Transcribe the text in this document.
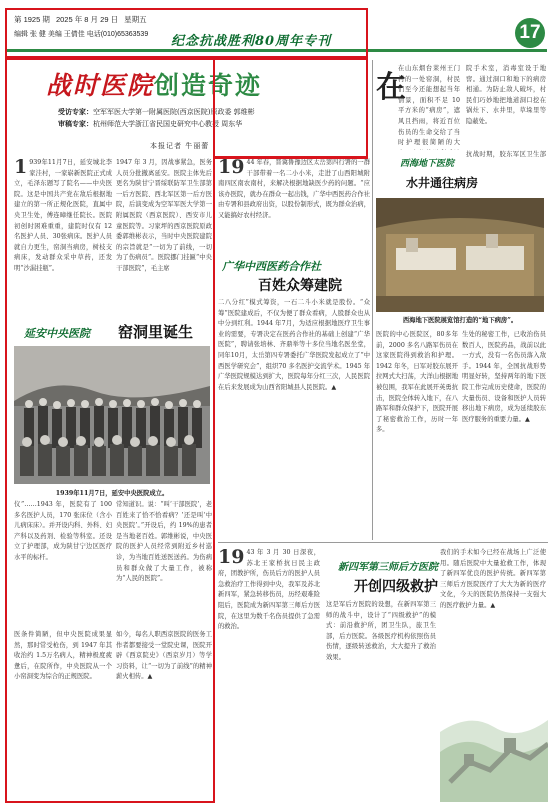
第 1925 期 2025 年 8 月 29 日 星期五
编辑 张 健 美编 王倩佳 电话(010)65363539 纪念抗战胜利80周年专刊	17
战时医院创造奇迹
受访专家：空军军医大学第一附属医院(西京医院)原政委 郭维彬
审稿专家：杭州师范大学浙江省民国史研究中心教授 周东华
本报记者 牛丽蕾
1 939年11月7日，延安城北李家洼村，一家崭新医院正式成立，毛泽东题写了院名——中央医院。这是中国共产党在敌后根据地建立的第一所正规化医院，直属中央卫生处，傅连暲继任院长。医院初创时困难重重，建院时仅有 12 名医护人员、30张病床。医护人员就自力更生，窑洞当病房，树枝支病床，发动群众采中草药，还发明“沙漏挂瓶”。
1947 年 3 月，因战事紧急，医务人员分批撤离延安。医院主体先后更名为陕甘宁晋绥联防军卫生部第一后方医院、西北军区第一后方医院，后演变成为空军军医大学第一附属医院（西京医院）、西安市儿童医院等。习家坪的西京医院原政委郭维彬表示，当时中央医院建院的宗旨就是“一切为了前线，一切为了伤病员”。医院挪门挂匾“中央干部医院”，毛主席
延安中央医院 窑洞里诞生
1939年11月7日，延安中央医院成立。
仪”……1943 年，医院有了 100 多名医护人员，170 张床位（含小儿病床床）。并开设内科、外科、妇产科以及药剂、检验等科室。还设立了护理部，成为陕甘宁边区医疗水平的标杆。
医条件简陋，但中央医院成果显然，那时常受枪伤，到 1947 年其收治约 1.5万名病人，精神极度疲惫后，在院所作，中央医院从一个小窑洞变为综合的正规医院。
常知道识。说：“叫‘干部医院’，老百姓来了恰不恰看病？’还是叫‘中央医院’。”开设后，约 19%的患者是当地老百姓。郭维彬说，中央医院的医护人员经常到附近乡村巡诊，为当地百姓送医送药。为伤病员和群众做了大量工作，被称为“人民的医院”。
如今，每名人职西京医院的医务工作者都要接受一堂院史课，医院开辟《西京院史》（西京岁月）等学习资料，让“一切为了前线”的精神薪火相传。▲
19 44 年春，晋冀鲁豫边区太岳第四行署的一群干部带着一名二小小米，走进了山西阳城附南四区南农南村，来解决根据地缺医少药的问题。“应该办医院，就办在群众一起出钱，广华中西医药合作社由专署和县政府出资，以股份制形式，既为群众治病，又能搞好农村经济。
广华中西医药合作社
百姓众筹建院
二八分红”模式筹资，一石二斗小米就是股份。“众筹”医院建成后，不仅为便了群众看病，人股群众也从中分到红利。1944 年7月，为适应根据地医疗卫生事业的需要，专署决定在医药合作社的基础上创建“广华医院”，聘请张培林、齐鼎举等十多位当地名医坐堂，同年10月，太岳第四专署委托广华医院发起成立了“中西医学研究会”，组织70 多名医护交流学术。1945 年广华医院规模达到扩大，医院每年分红三次，人民医院在后来发展成为山西省阳城县人民医院。▲
在
在山东烟台莱州王门村的一处窑洞，村民们至今还能想起当年情景，面积不足 10 平方米的“病房”，遮风且挡雨，将近百位伤员的生命交给了当时护理很简陋的大
院手术室，消毒室设于地窖。通过洞口和地下的病房相通。为防止敌人破坏，村民们巧妙地把地道洞口挖在锅灶下、水井里，草垛里等隐蔽处。
抗战时期，胶东军区卫生部
西海地下医院
水井通往病房
西海地下医院展览馆打造的“地下病房”。
医院的中心医院区，80多年前，2000 多名八路军伤员在这家医院得到救治和护理。1942 年冬，日军对胶东展开拉网式大扫荡，大洋山根据地被包围，我军在此展开英勇抗击，医院全体转入地下，在八路军和群众保护下，医院开展了秘密救治工作，历时一年多。
生处的秘密工作，已收治伤员数百人，医院药品，战前以此一方式，没有一名伤员落入敌手。1944 年，全国抗战形势明显好转，坚持两年的地下医院工作完成历史使命，医院的大量伤员、设备和医护人员转移出地下病房，成为延续胶东医疗服务的重要力量。▲
19 43 年 3 月 30 日深夜，苏北王家桥抗日民主政府，团教护所，伤员后方的医护人员急救治疗工作得到中央，我军及苏北新四军，紧急转移伤员，历经艰难险阻后，医院成为新四军第三师后方医院，在这里为数千名伤员提供了急需的救治。
新四军第三师后方医院
开创四级救护
这是军后方医院的设想，在新四军第三师的战斗中，设计了“四级救护”的模式：前沿救护所，团卫生队，旅卫生部，后方医院。各级医疗机构依照伤员伤情，逐级转送救治，大大提升了救治效果。
我们的手术如今已经在战场上广泛使用。随后医院中大量抢救工作，体现了新四军优良的医护传统。新四军第三师后方医院医疗了大大为新的医疗文化，今天的医院仍然保持一支强大的医疗救护力量。▲
